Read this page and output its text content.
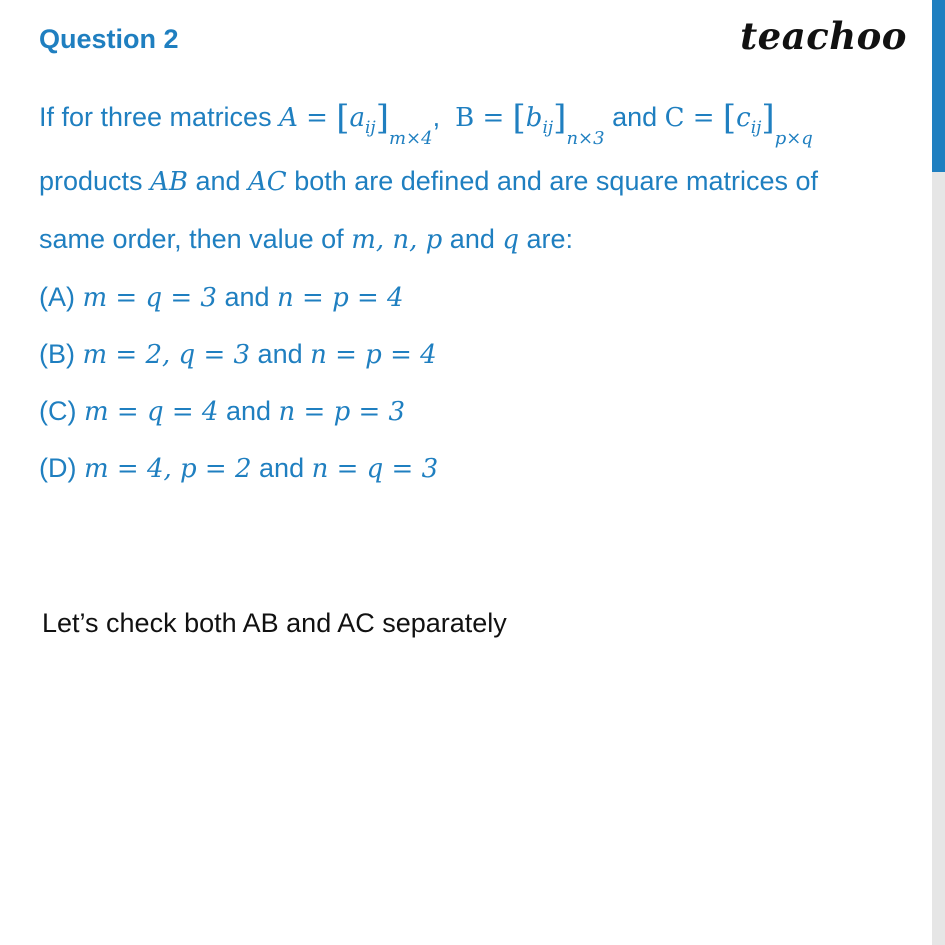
Question 2	teachoo
If for three matrices $A = [a_{ij}]_{m\times 4}$, $B = [b_{ij}]_{n\times 3}$ and $C = [c_{ij}]_{p\times q}$
products AB and AC both are defined and are square matrices of
same order, then value of m, n, p and q are:
(A) m = q = 3 and n = p = 4
(B) m = 2, q = 3 and n = p = 4
(C) m = q = 4 and n = p = 3
(D) m = 4, p = 2 and n = q = 3
Let’s check both AB and AC separately
